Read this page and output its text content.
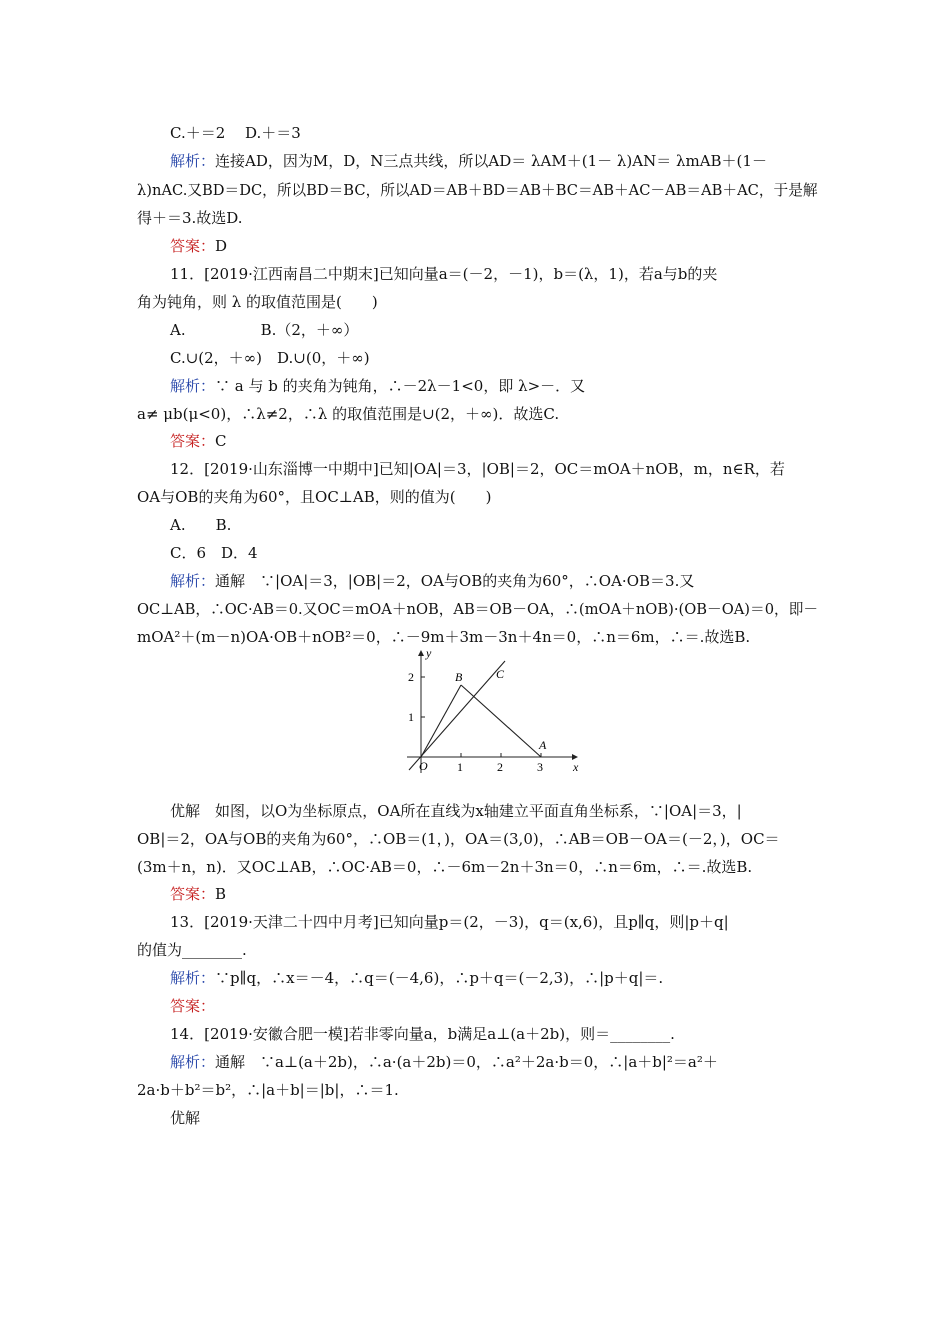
C.＋＝2　 D.＋＝3
解析：连接AD，因为M，D，N三点共线，所以AD＝ λAM＋(1－ λ)AN＝ λmAB＋(1－
λ)nAC.又BD＝DC，所以BD＝BC，所以AD＝AB＋BD＝AB＋BC＝AB＋AC－AB＝AB＋AC，于是解
得＋＝3.故选D.
答案：D
11．[2019·江西南昌二中期末]已知向量a＝(－2，－1)，b＝(λ，1)，若a与b的夹
角为钝角，则 λ 的取值范围是(　　)
A.　　　　　B.（2，＋∞）
C.∪(2，＋∞)　D.∪(0，＋∞)
解析：∵ a 与 b 的夹角为钝角，∴－2λ－1<0，即 λ>－．又
a≠ μb(μ<0)，∴λ≠2，∴λ 的取值范围是∪(2，＋∞)．故选C.
答案：C
12．[2019·山东淄博一中期中]已知|OA|＝3，|OB|＝2，OC＝mOA＋nOB，m，n∈R，若
OA与OB的夹角为60°，且OC⊥AB，则的值为(　　)
A.　　B.
C．6　D．4
解析：通解　∵|OA|＝3，|OB|＝2，OA与OB的夹角为60°，∴OA·OB＝3.又
OC⊥AB，∴OC·AB＝0.又OC＝mOA＋nOB，AB＝OB－OA，∴(mOA＋nOB)·(OB－OA)＝0，即－
mOA²＋(m－n)OA·OB＋nOB²＝0，∴－9m＋3m－3n＋4n＝0，∴n＝6m，∴＝.故选B.
x
y
O 1	2	3
1
2	B	C
A
优解　如图，以O为坐标原点，OA所在直线为x轴建立平面直角坐标系，∵|OA|＝3，|
OB|＝2，OA与OB的夹角为60°，∴OB＝(1，)，OA＝(3,0)，∴AB＝OB－OA＝(－2，)，OC＝
(3m＋n，n)．又OC⊥AB，∴OC·AB＝0，∴－6m－2n＋3n＝0，∴n＝6m，∴＝.故选B.
答案：B
13．[2019·天津二十四中月考]已知向量p＝(2，－3)，q＝(x,6)，且p∥q，则|p＋q|
的值为________.
解析：∵p∥q，∴x＝－4，∴q＝(－4,6)，∴p＋q＝(－2,3)，∴|p＋q|＝.
答案：
14．[2019·安徽合肥一模]若非零向量a，b满足a⊥(a＋2b)，则＝________.
解析：通解　∵a⊥(a＋2b)，∴a·(a＋2b)＝0，∴a²＋2a·b＝0，∴|a＋b|²＝a²＋
2a·b＋b²＝b²，∴|a＋b|＝|b|，∴＝1.
优解
